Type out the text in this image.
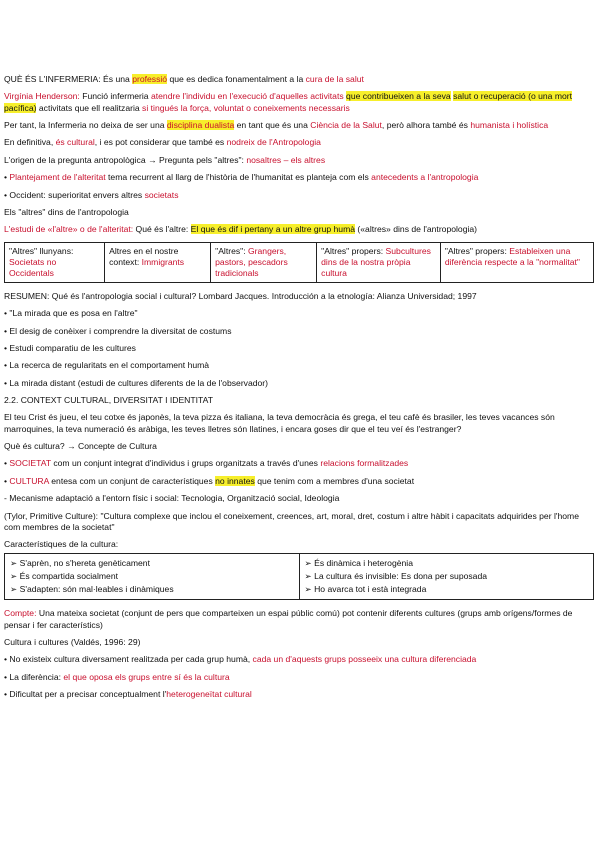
QUÈ ÉS L'INFERMERIA: És una professió que es dedica fonamentalment a la cura de la salut
Virgínia Henderson: Funció infermeria atendre l'individu en l'execució d'aquelles activitats que contribueixen a la seva salut o recuperació (o una mort pacífica) activitats que ell realitzaria si tingués la força, voluntat o coneixements necessaris
Per tant, la Infermeria no deixa de ser una disciplina dualista en tant que és una Ciència de la Salut, però alhora també és humanista i holística
En definitiva, és cultural, i es pot considerar que també es nodreix de l'Antropologia
L'origen de la pregunta antropològica → Pregunta pels "altres": nosaltres – els altres
• Plantejament de l'alteritat tema recurrent al llarg de l'història de l'humanitat es planteja com els antecedents a l'antropologia
• Occident: superioritat envers altres societats
Els "altres" dins de l'antropologia
L'estudi de «l'altre» o de l'alteritat: Qué és l'altre: El que és dif i pertany a un altre grup humà («altres» dins de l'antropologia)
"Altres" llunyans: Societats no Occidentals	Altres en el nostre context: Immigrants	"Altres": Grangers, pastors, pescadors tradicionals	"Altres" propers: Subcultures dins de la nostra pròpia cultura	"Altres" propers: Estableixen una diferència respecte a la "normalitat"
RESUMEN: Qué és l'antropologia social i cultural? Lombard Jacques. Introducción a la etnología: Alianza Universidad; 1997
• "La mirada que es posa en l'altre"
• El desig de conèixer i comprendre la diversitat de costums
• Estudi comparatiu de les cultures
• La recerca de regularitats en el comportament humà
• La mirada distant (estudi de cultures diferents de la de l'observador)
2.2. CONTEXT CULTURAL, DIVERSITAT I IDENTITAT
El teu Crist és jueu, el teu cotxe és japonès, la teva pizza és italiana, la teva democràcia és grega, el teu cafè és brasiler, les teves vacances són marroquines, la teva numeració és aràbiga, les teves lletres són llatines, i encara goses dir que el teu veí és l'estranger?
Què és cultura? → Concepte de Cultura
• SOCIETAT com un conjunt integrat d'individus i grups organitzats a través d'unes relacions formalitzades
• CULTURA entesa com un conjunt de característiques no innates que tenim com a membres d'una societat
- Mecanisme adaptació a l'entorn físic i social: Tecnologia, Organització social, Ideologia
(Tylor, Primitive Culture): "Cultura complexe que inclou el coneixement, creences, art, moral, dret, costum i altre hàbit i capacitats adquirides per l'home com membres de la societat"
Característiques de la cultura:
➢ S'aprèn, no s'hereta genèticament
➢ És compartida socialment
➢ S'adapten: són mal·leables i dinàmiques

➢ És dinàmica i heterogènia
➢ La cultura és invisible: Es dona per suposada
➢ Ho avarca tot i està integrada
Compte: Una mateixa societat (conjunt de pers que comparteixen un espai públic comú) pot contenir diferents cultures (grups amb orígens/formes de pensar i fer característics)
Cultura i cultures (Valdés, 1996: 29)
• No existeix cultura diversament realitzada per cada grup humà, cada un d'aquests grups posseeix una cultura diferenciada
• La diferència: el que oposa els grups entre sí és la cultura
• Dificultat per a precisar conceptualment l'heterogeneïtat cultural
